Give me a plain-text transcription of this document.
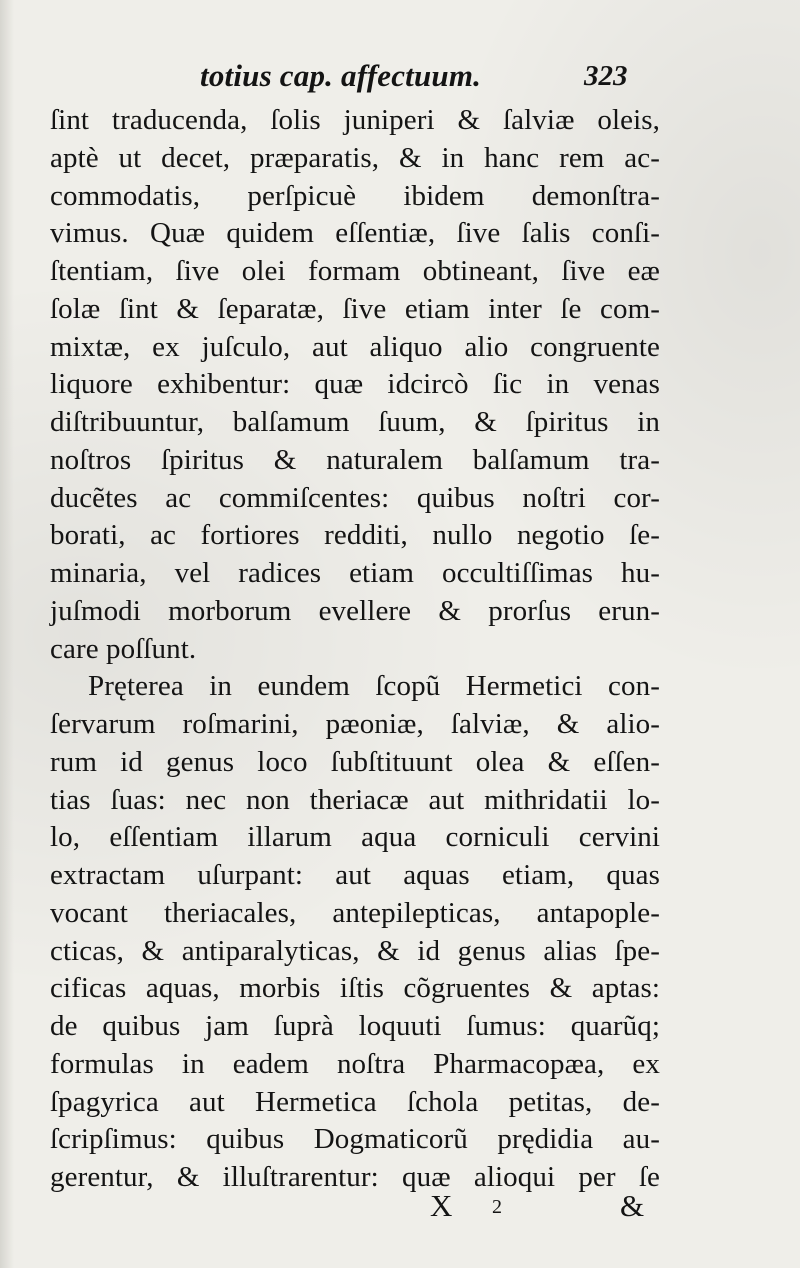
totius cap. affectuum.	323
ſint traducenda, ſolis juniperi & ſalviæ oleis,
aptè ut decet, præparatis, & in hanc rem ac-
commodatis, perſpicuè ibidem demonſtra-
vimus. Quæ quidem eſſentiæ, ſive ſalis conſi-
ſtentiam, ſive olei formam obtineant, ſive eæ
ſolæ ſint & ſeparatæ, ſive etiam inter ſe com-
mixtæ, ex juſculo, aut aliquo alio congruente
liquore exhibentur: quæ idcircò ſic in venas
diſtribuuntur, balſamum ſuum, & ſpiritus in
noſtros ſpiritus & naturalem balſamum tra-
ducẽtes ac commiſcentes: quibus noſtri cor-
borati, ac fortiores redditi, nullo negotio ſe-
minaria, vel radices etiam occultiſſimas hu-
juſmodi morborum evellere & prorſus erun-
care poſſunt.
Pręterea in eundem ſcopũ Hermetici con-
ſervarum roſmarini, pæoniæ, ſalviæ, & alio-
rum id genus loco ſubſtituunt olea & eſſen-
tias ſuas: nec non theriacæ aut mithridatii lo-
lo, eſſentiam illarum aqua corniculi cervini
extractam uſurpant: aut aquas etiam, quas
vocant theriacales, antepilepticas, antapople-
cticas, & antiparalyticas, & id genus alias ſpe-
cificas aquas, morbis iſtis cõgruentes & aptas:
de quibus jam ſuprà loquuti ſumus: quarũq;
formulas in eadem noſtra Pharmacopæa, ex
ſpagyrica aut Hermetica ſchola petitas, de-
ſcripſimus: quibus Dogmaticorũ prędidia au-
gerentur, & illuſtrarentur: quæ alioqui per ſe
X 2	&
